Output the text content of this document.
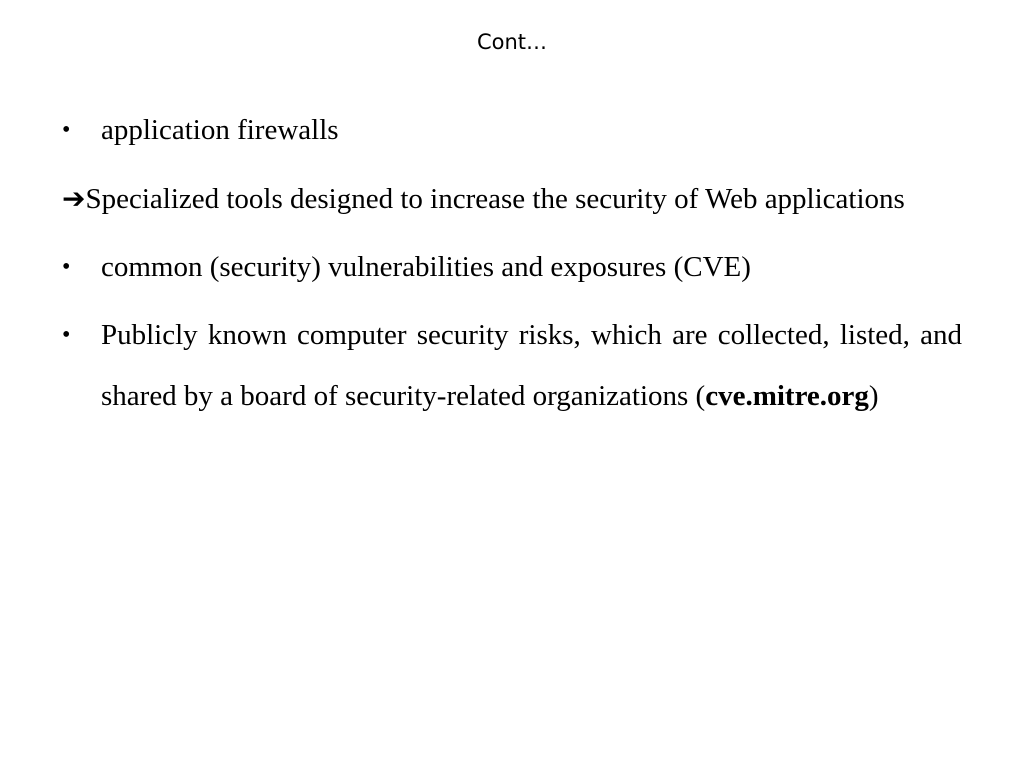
Cont…
• application firewalls
➔Specialized tools designed to increase the security of Web applications
• common (security) vulnerabilities and exposures (CVE)
• Publicly known computer security risks, which are collected, listed, and shared by a board of security-related organizations (cve.mitre.org)
